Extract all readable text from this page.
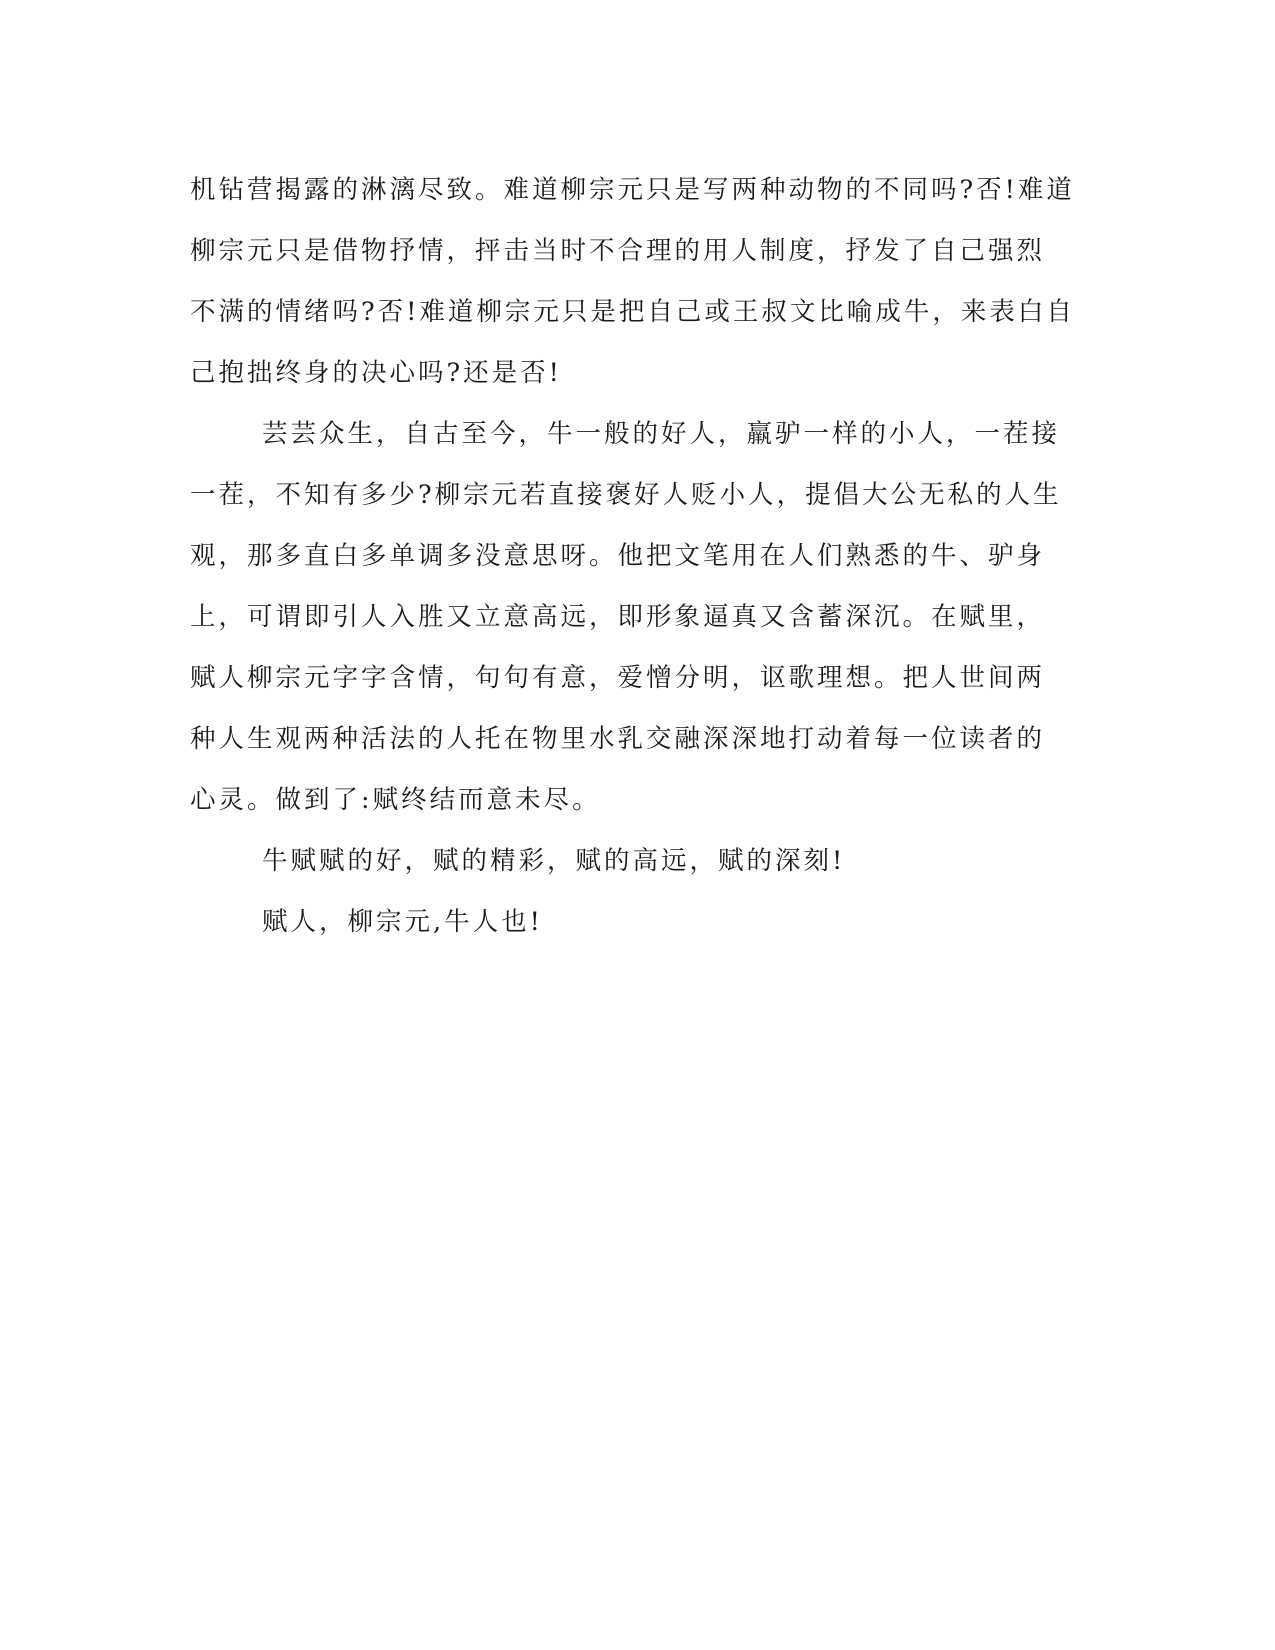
机钻营揭露的淋漓尽致。难道柳宗元只是写两种动物的不同吗?否!难道
柳宗元只是借物抒情，抨击当时不合理的用人制度，抒发了自己强烈
不满的情绪吗?否!难道柳宗元只是把自己或王叔文比喻成牛，来表白自
己抱拙终身的决心吗?还是否!
芸芸众生，自古至今，牛一般的好人，羸驴一样的小人，一茬接
一茬，不知有多少?柳宗元若直接褒好人贬小人，提倡大公无私的人生
观，那多直白多单调多没意思呀。他把文笔用在人们熟悉的牛、驴身
上，可谓即引人入胜又立意高远，即形象逼真又含蓄深沉。在赋里，
赋人柳宗元字字含情，句句有意，爱憎分明，讴歌理想。把人世间两
种人生观两种活法的人托在物里水乳交融深深地打动着每一位读者的
心灵。做到了:赋终结而意未尽。
牛赋赋的好，赋的精彩，赋的高远，赋的深刻!
赋人，柳宗元,牛人也!
